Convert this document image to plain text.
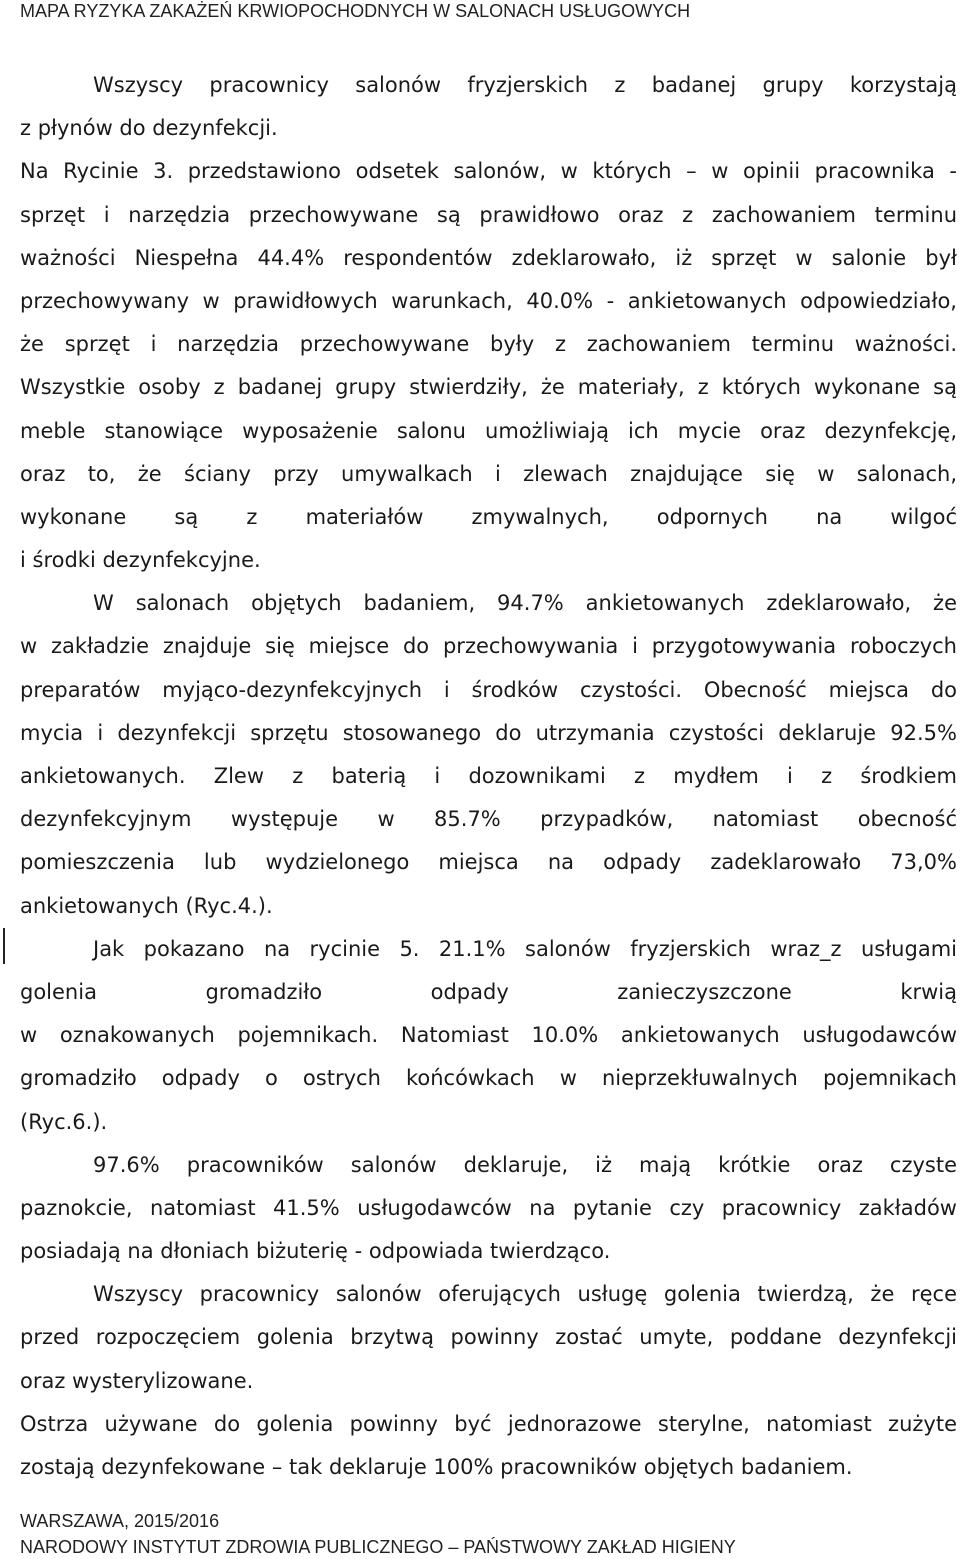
MAPA RYZYKA ZAKAŻEŃ KRWIOPOCHODNYCH W SALONACH USŁUGOWYCH
Wszyscy pracownicy salonów fryzjerskich z badanej grupy korzystają
z płynów do dezynfekcji.
Na Rycinie 3. przedstawiono odsetek salonów, w których – w opinii pracownika -
sprzęt i narzędzia przechowywane są prawidłowo oraz z zachowaniem terminu
ważności Niespełna 44.4% respondentów zdeklarowało, iż sprzęt w salonie był
przechowywany w prawidłowych warunkach, 40.0% - ankietowanych odpowiedziało,
że sprzęt i narzędzia przechowywane były z zachowaniem terminu ważności.
Wszystkie osoby z badanej grupy stwierdziły, że materiały, z których wykonane są
meble stanowiące wyposażenie salonu umożliwiają ich mycie oraz dezynfekcję,
oraz to, że ściany przy umywalkach i zlewach znajdujące się w salonach,
wykonane są z materiałów zmywalnych, odpornych na wilgoć
i środki dezynfekcyjne.
W salonach objętych badaniem, 94.7% ankietowanych zdeklarowało, że
w zakładzie znajduje się miejsce do przechowywania i przygotowywania roboczych
preparatów myjąco-dezynfekcyjnych i środków czystości. Obecność miejsca do
mycia i dezynfekcji sprzętu stosowanego do utrzymania czystości deklaruje 92.5%
ankietowanych. Zlew z baterią i dozownikami z mydłem i z środkiem
dezynfekcyjnym występuje w 85.7% przypadków, natomiast obecność
pomieszczenia lub wydzielonego miejsca na odpady zadeklarowało 73,0%
ankietowanych (Ryc.4.).
Jak pokazano na rycinie 5. 21.1% salonów fryzjerskich wraz_z usługami
golenia gromadziło odpady zanieczyszczone krwią
w oznakowanych pojemnikach. Natomiast 10.0% ankietowanych usługodawców
gromadziło odpady o ostrych końcówkach w nieprzekłuwalnych pojemnikach
(Ryc.6.).
97.6% pracowników salonów deklaruje, iż mają krótkie oraz czyste
paznokcie, natomiast 41.5% usługodawców na pytanie czy pracownicy zakładów
posiadają na dłoniach biżuterię - odpowiada twierdząco.
Wszyscy pracownicy salonów oferujących usługę golenia twierdzą, że ręce
przed rozpoczęciem golenia brzytwą powinny zostać umyte, poddane dezynfekcji
oraz wysterylizowane.
Ostrza używane do golenia powinny być jednorazowe sterylne, natomiast zużyte
zostają dezynfekowane – tak deklaruje 100% pracowników objętych badaniem.
WARSZAWA, 2015/2016
NARODOWY INSTYTUT ZDROWIA PUBLICZNEGO – PAŃSTWOWY ZAKŁAD HIGIENY
